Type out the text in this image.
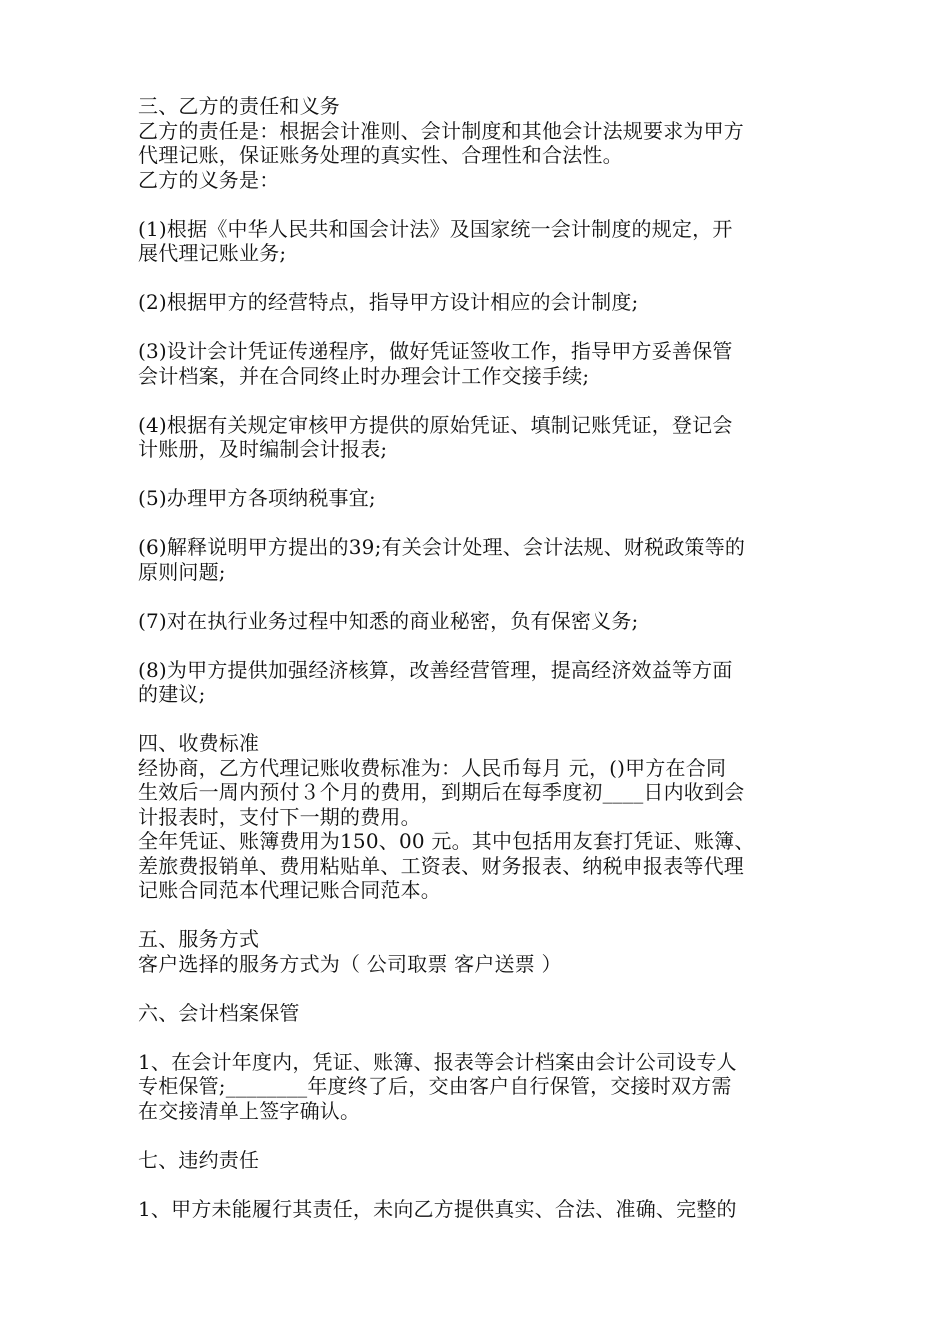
三、乙方的责任和义务
乙方的责任是：根据会计准则、会计制度和其他会计法规要求为甲方
代理记账，保证账务处理的真实性、合理性和合法性。
乙方的义务是：
(1)根据《中华人民共和国会计法》及国家统一会计制度的规定，开
展代理记账业务;
(2)根据甲方的经营特点，指导甲方设计相应的会计制度;
(3)设计会计凭证传递程序，做好凭证签收工作，指导甲方妥善保管
会计档案，并在合同终止时办理会计工作交接手续;
(4)根据有关规定审核甲方提供的原始凭证、填制记账凭证，登记会
计账册，及时编制会计报表;
(5)办理甲方各项纳税事宜;
(6)解释说明甲方提出的39;有关会计处理、会计法规、财税政策等的
原则问题;
(7)对在执行业务过程中知悉的商业秘密，负有保密义务;
(8)为甲方提供加强经济核算，改善经营管理，提高经济效益等方面
的建议;
四、收费标准
经协商，乙方代理记账收费标准为：人民币每月 元，()甲方在合同
生效后一周内预付３个月的费用，到期后在每季度初____日内收到会
计报表时，支付下一期的费用。
全年凭证、账簿费用为150、00 元。其中包括用友套打凭证、账簿、
差旅费报销单、费用粘贴单、工资表、财务报表、纳税申报表等代理
记账合同范本代理记账合同范本。
五、服务方式
客户选择的服务方式为（ 公司取票 客户送票 ）
六、会计档案保管
1、在会计年度内，凭证、账簿、报表等会计档案由会计公司设专人
专柜保管;________年度终了后，交由客户自行保管，交接时双方需
在交接清单上签字确认。
七、违约责任
1、甲方未能履行其责任，未向乙方提供真实、合法、准确、完整的
